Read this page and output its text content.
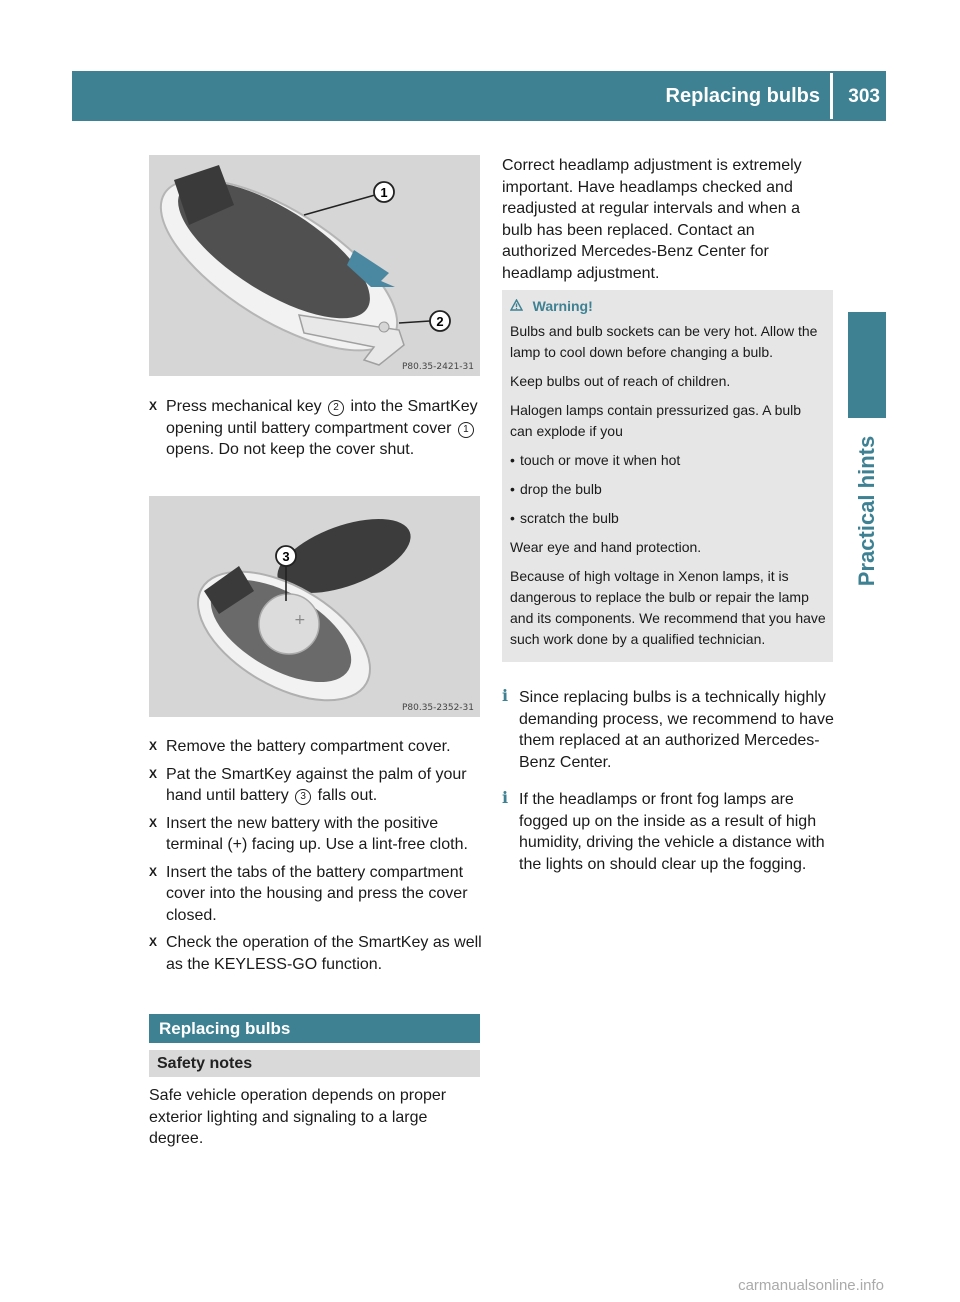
Replacing bulbs 303
Practical hints
1
2
P80.35-2421-31
X Press mechanical key 2 into the SmartKey opening until battery compartment cover 1 opens. Do not keep the cover shut.
+
3
P80.35-2352-31
X Remove the battery compartment cover.
X Pat the SmartKey against the palm of your hand until battery 3 falls out.
X Insert the new battery with the positive terminal (+) facing up. Use a lint-free cloth.
X Insert the tabs of the battery compartment cover into the housing and press the cover closed.
X Check the operation of the SmartKey as well as the KEYLESS-GO function.
Replacing bulbs
Safety notes
Safe vehicle operation depends on proper exterior lighting and signaling to a large degree.
Correct headlamp adjustment is extremely important. Have headlamps checked and readjusted at regular intervals and when a bulb has been replaced. Contact an authorized Mercedes-Benz Center for headlamp adjustment.
Warning!

Bulbs and bulb sockets can be very hot. Allow the lamp to cool down before changing a bulb.

Keep bulbs out of reach of children.

Halogen lamps contain pressurized gas. A bulb can explode if you

• touch or move it when hot
• drop the bulb
• scratch the bulb

Wear eye and hand protection.

Because of high voltage in Xenon lamps, it is dangerous to replace the bulb or repair the lamp and its components. We recommend that you have such work done by a qualified technician.

i Since replacing bulbs is a technically highly demanding process, we recommend to have them replaced at an authorized Mercedes-Benz Center.
i If the headlamps or front fog lamps are fogged up on the inside as a result of high humidity, driving the vehicle a distance with the lights on should clear up the fogging.
carmanualsonline.info
